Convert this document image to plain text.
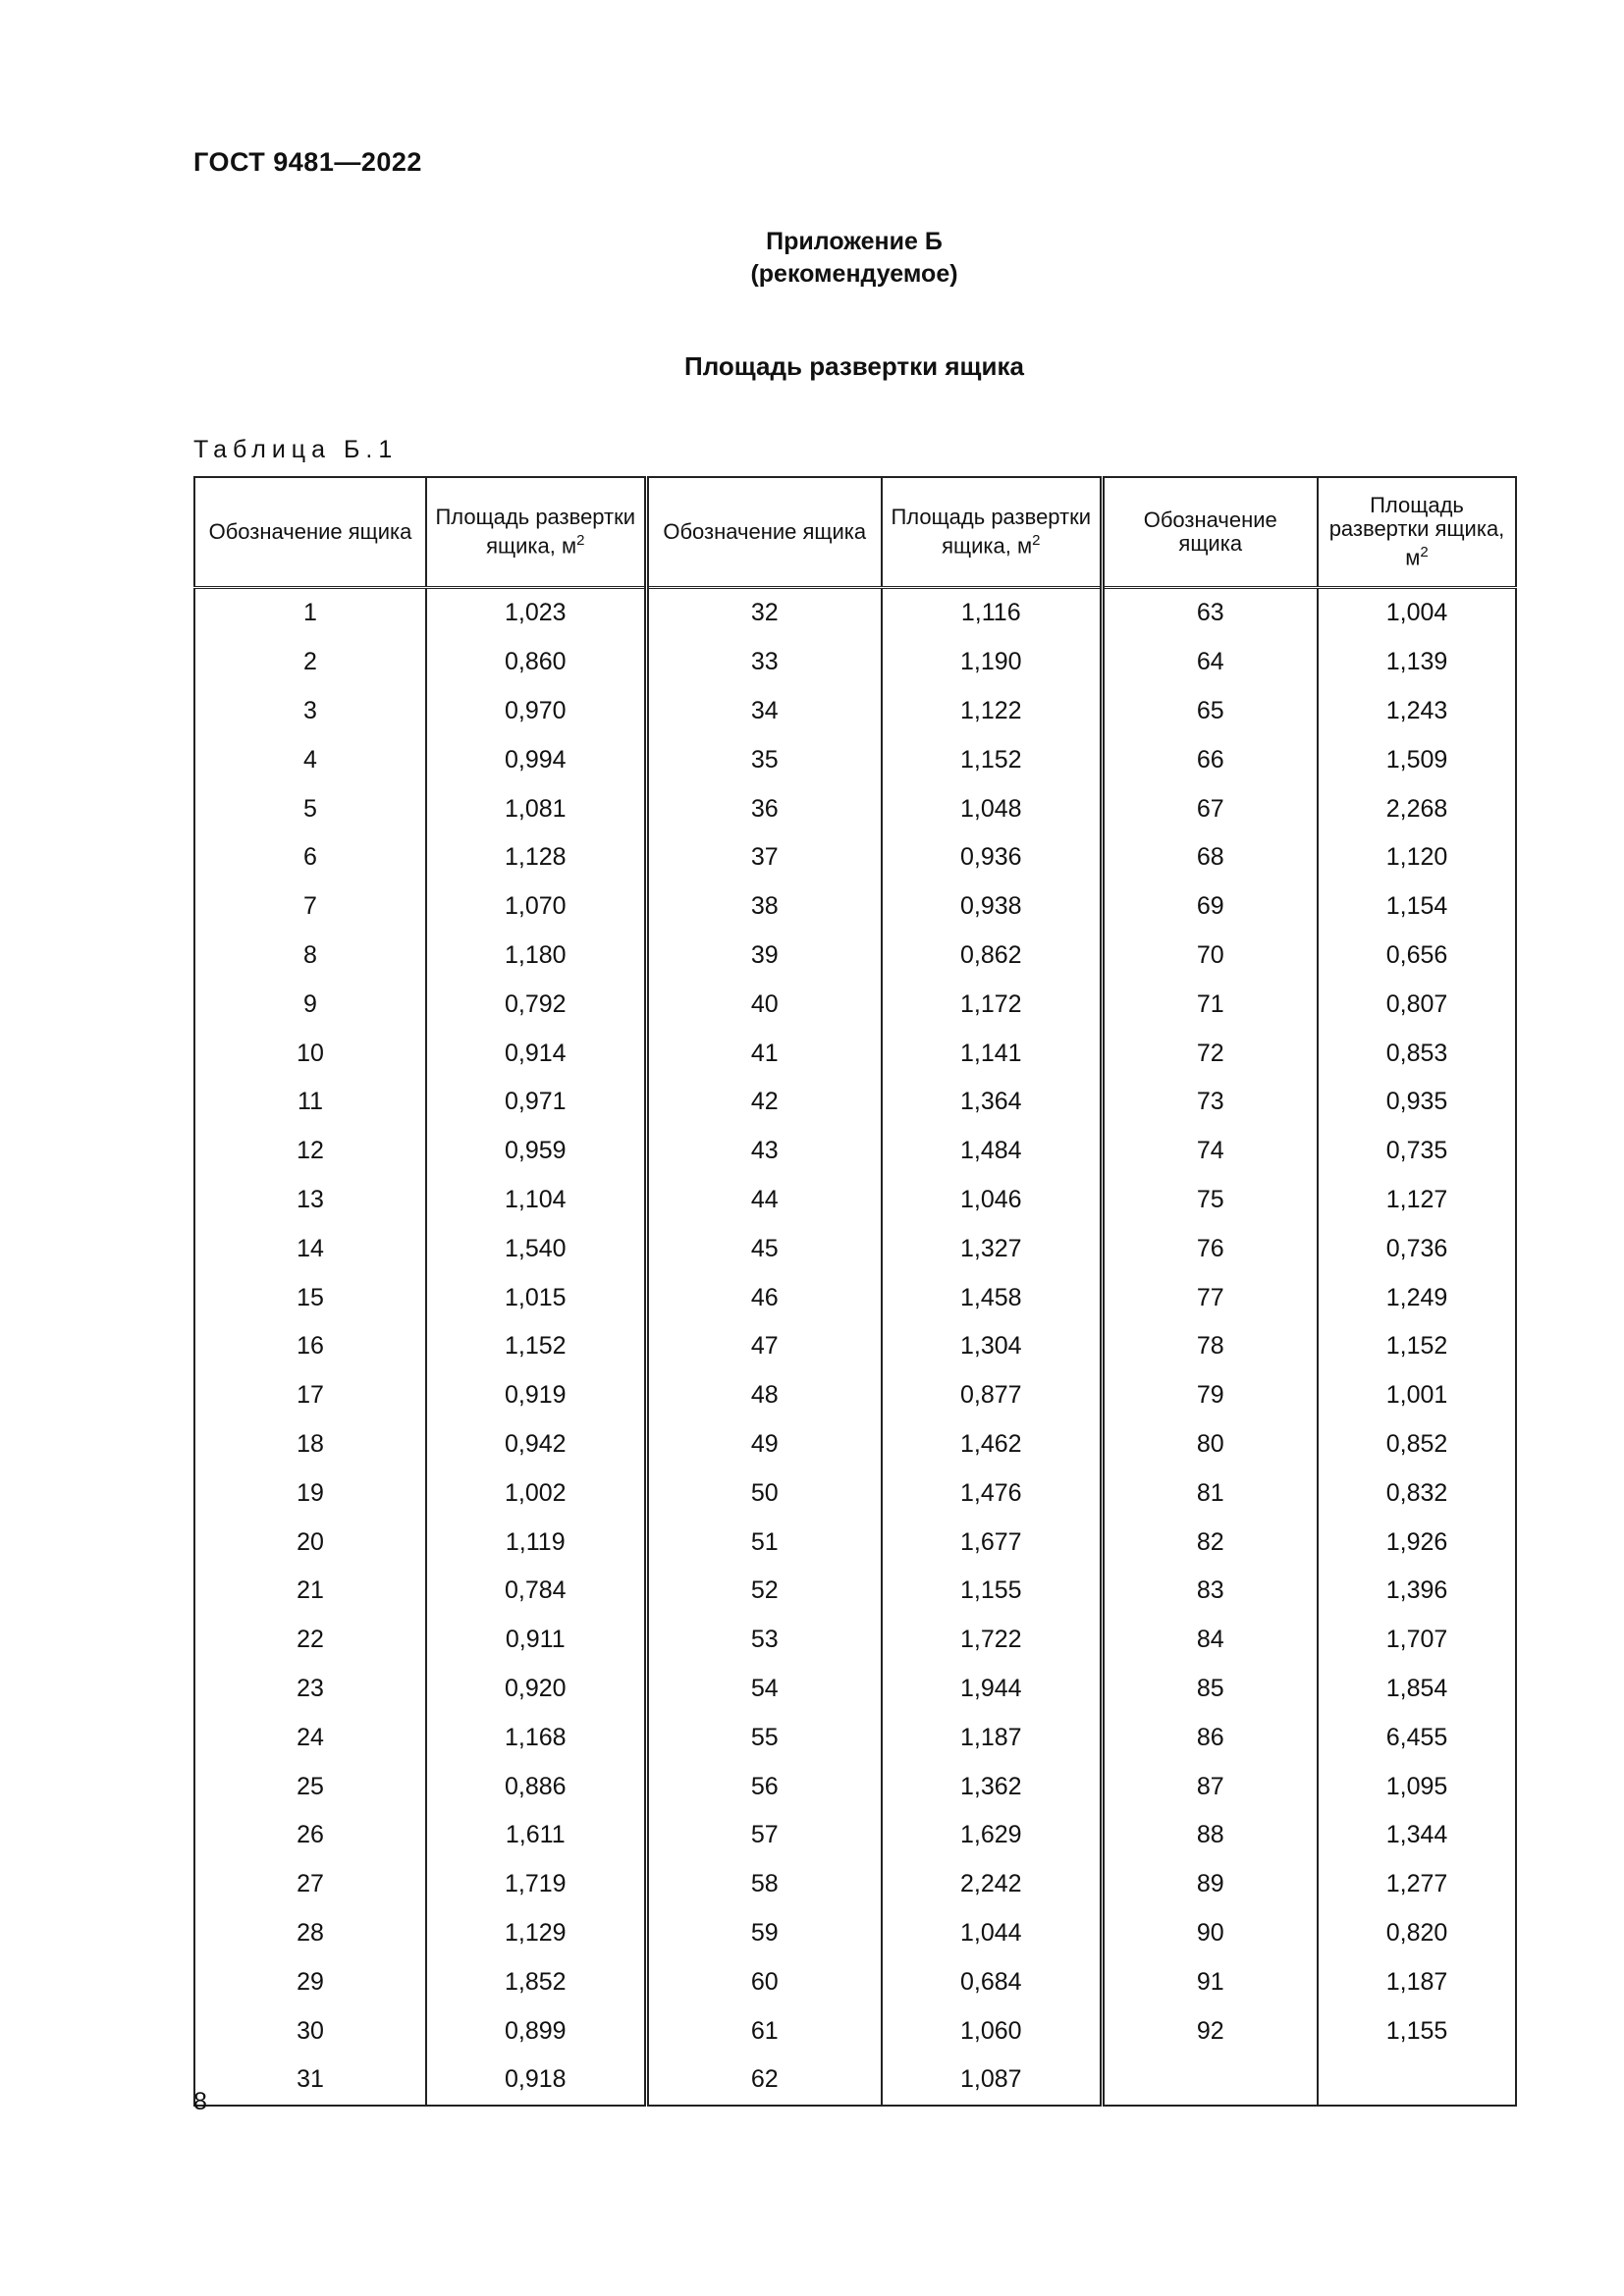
ГОСТ 9481—2022
Приложение Б
(рекомендуемое)
Площадь развертки ящика
Таблица Б.1
Обозначение ящика	Площадь развертки ящика, $м^2$	Обозначение ящика	Площадь развертки ящика, $м^2$	Обозначение ящика	Площадь развертки ящика, $м^2$
1	1,023	32	1,116	63	1,004
2	0,860	33	1,190	64	1,139
3	0,970	34	1,122	65	1,243
4	0,994	35	1,152	66	1,509
5	1,081	36	1,048	67	2,268
6	1,128	37	0,936	68	1,120
7	1,070	38	0,938	69	1,154
8	1,180	39	0,862	70	0,656
9	0,792	40	1,172	71	0,807
10	0,914	41	1,141	72	0,853
11	0,971	42	1,364	73	0,935
12	0,959	43	1,484	74	0,735
13	1,104	44	1,046	75	1,127
14	1,540	45	1,327	76	0,736
15	1,015	46	1,458	77	1,249
16	1,152	47	1,304	78	1,152
17	0,919	48	0,877	79	1,001
18	0,942	49	1,462	80	0,852
19	1,002	50	1,476	81	0,832
20	1,119	51	1,677	82	1,926
21	0,784	52	1,155	83	1,396
22	0,911	53	1,722	84	1,707
23	0,920	54	1,944	85	1,854
24	1,168	55	1,187	86	6,455
25	0,886	56	1,362	87	1,095
26	1,611	57	1,629	88	1,344
27	1,719	58	2,242	89	1,277
28	1,129	59	1,044	90	0,820
29	1,852	60	0,684	91	1,187
30	0,899	61	1,060	92	1,155
31	0,918	62	1,087		
8
